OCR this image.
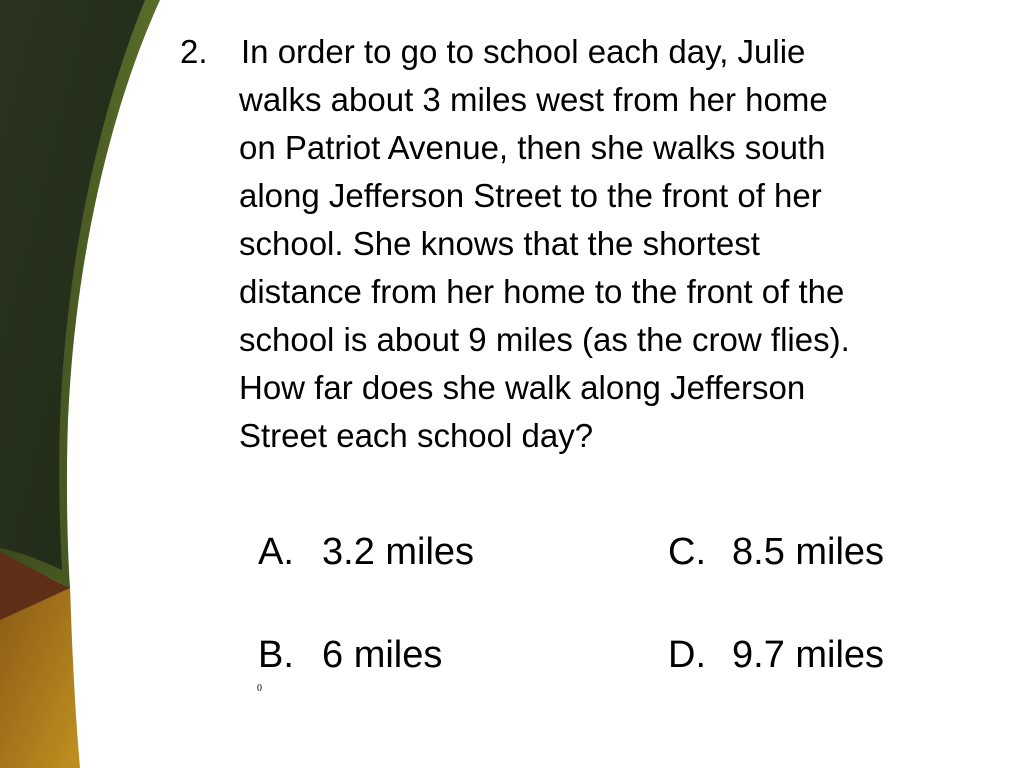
2. In order to go to school each day, Julie
walks about 3 miles west from her home
on Patriot Avenue, then she walks south
along Jefferson Street to the front of her
school. She knows that the shortest
distance from her home to the front of the
school is about 9 miles (as the crow flies).
How far does she walk along Jefferson
Street each school day?
A. 3.2 miles
B. 6 miles
C. 8.5 miles
D. 9.7 miles
0
